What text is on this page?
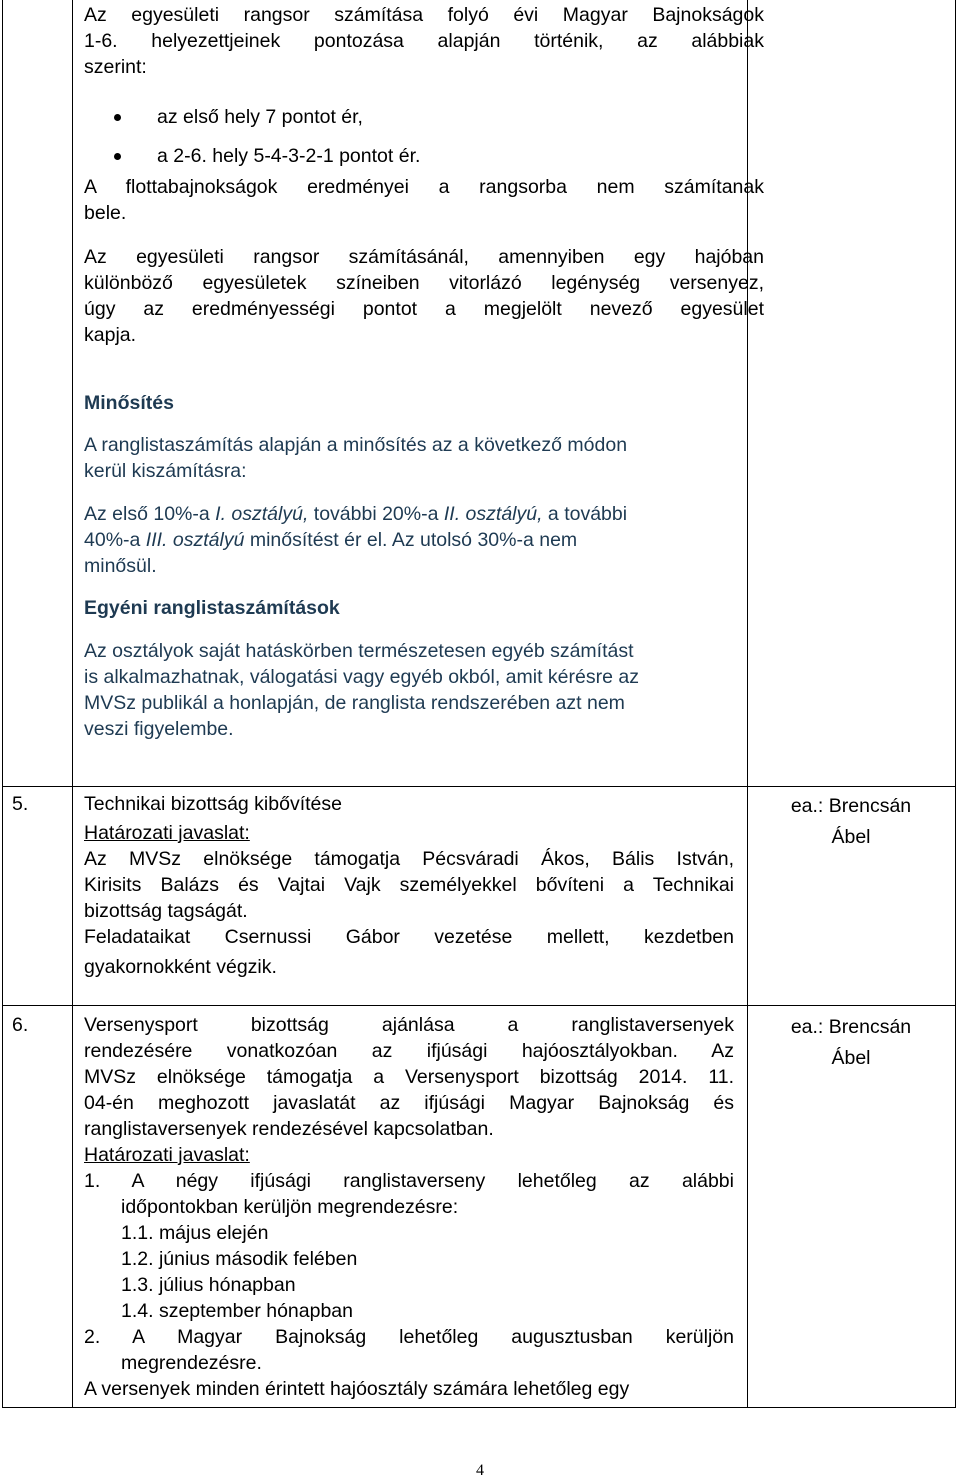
Az egyesületi rangsor számítása folyó évi Magyar Bajnokságok
1-6. helyezettjeinek pontozása alapján történik, az alábbiak
szerint:
az első hely 7 pontot ér,
a 2-6. hely 5-4-3-2-1 pontot ér.
A flottabajnokságok eredményei a rangsorba nem számítanak
bele.
Az egyesületi rangsor számításánál, amennyiben egy hajóban
különböző egyesületek színeiben vitorlázó legénység versenyez,
úgy az eredményességi pontot a megjelölt nevező egyesület
kapja.
Minősítés
A ranglistaszámítás alapján a minősítés az a következő módon
kerül kiszámításra:
Az első 10%-a I. osztályú, további 20%-a II. osztályú, a további
40%-a III. osztályú minősítést ér el. Az utolsó 30%-a nem
minősül.
Egyéni ranglistaszámítások
Az osztályok saját hatáskörben természetesen egyéb számítást
is alkalmazhatnak, válogatási vagy egyéb okból, amit kérésre az
MVSz publikál a honlapján, de ranglista rendszerében azt nem
veszi figyelembe.
5.	Technikai bizottság kibővítése
Határozati javaslat:
Az MVSz elnöksége támogatja Pécsváradi Ákos, Bális István,
Kirisits Balázs és Vajtai Vajk személyekkel bővíteni a Technikai
bizottság tagságát.
Feladataikat Csernussi Gábor vezetése mellett, kezdetben
gyakornokként végzik.
ea.: Brencsán
Ábel
6.	Versenysport bizottság ajánlása a ranglistaversenyek
rendezésére vonatkozóan az ifjúsági hajóosztályokban. Az
MVSz elnöksége támogatja a Versenysport bizottság 2014. 11.
04-én meghozott javaslatát az ifjúsági Magyar Bajnokság és
ranglistaversenyek rendezésével kapcsolatban.
Határozati javaslat:
1. A négy ifjúsági ranglistaverseny lehetőleg az alábbi
időpontokban kerüljön megrendezésre:
1.1. május elején
1.2. június második felében
1.3. július hónapban
1.4. szeptember hónapban
2. A Magyar Bajnokság lehetőleg augusztusban kerüljön
megrendezésre.
A versenyek minden érintett hajóosztály számára lehetőleg egy
ea.: Brencsán
Ábel
4
